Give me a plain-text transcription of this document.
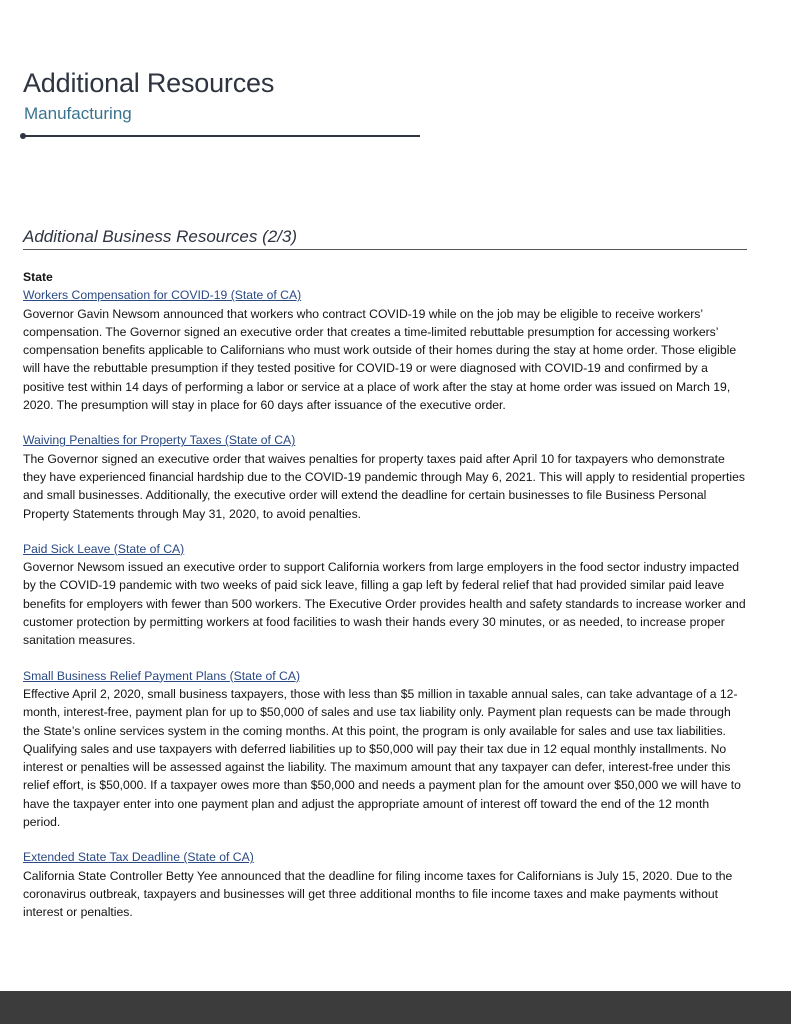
Additional Resources
Manufacturing
Additional Business Resources (2/3)

State

Workers Compensation for COVID-19 (State of CA)

Governor Gavin Newsom announced that workers who contract COVID-19 while on the job may be eligible to receive workers’ compensation. The Governor signed an executive order that creates a time-limited rebuttable presumption for accessing workers’ compensation benefits applicable to Californians who must work outside of their homes during the stay at home order. Those eligible will have the rebuttable presumption if they tested positive for COVID-19 or were diagnosed with COVID-19 and confirmed by a positive test within 14 days of performing a labor or service at a place of work after the stay at home order was issued on March 19, 2020. The presumption will stay in place for 60 days after issuance of the executive order.

Waiving Penalties for Property Taxes (State of CA)

The Governor signed an executive order that waives penalties for property taxes paid after April 10 for taxpayers who demonstrate they have experienced financial hardship due to the COVID-19 pandemic through May 6, 2021. This will apply to residential properties and small businesses. Additionally, the executive order will extend the deadline for certain businesses to file Business Personal Property Statements through May 31, 2020, to avoid penalties.

Paid Sick Leave (State of CA)

Governor Newsom issued an executive order to support California workers from large employers in the food sector industry impacted by the COVID-19 pandemic with two weeks of paid sick leave, filling a gap left by federal relief that had provided similar paid leave benefits for employers with fewer than 500 workers. The Executive Order provides health and safety standards to increase worker and customer protection by permitting workers at food facilities to wash their hands every 30 minutes, or as needed, to increase proper sanitation measures.

Small Business Relief Payment Plans (State of CA)

Effective April 2, 2020, small business taxpayers, those with less than $5 million in taxable annual sales, can take advantage of a 12-month, interest-free, payment plan for up to $50,000 of sales and use tax liability only. Payment plan requests can be made through the State’s online services system in the coming months. At this point, the program is only available for sales and use tax liabilities. Qualifying sales and use taxpayers with deferred liabilities up to $50,000 will pay their tax due in 12 equal monthly installments. No interest or penalties will be assessed against the liability. The maximum amount that any taxpayer can defer, interest-free under this relief effort, is $50,000. If a taxpayer owes more than $50,000 and needs a payment plan for the amount over $50,000 we will have to have the taxpayer enter into one payment plan and adjust the appropriate amount of interest off toward the end of the 12 month period.

Extended State Tax Deadline (State of CA)

California State Controller Betty Yee announced that the deadline for filing income taxes for Californians is July 15, 2020. Due to the coronavirus outbreak, taxpayers and businesses will get three additional months to file income taxes and make payments without interest or penalties.
